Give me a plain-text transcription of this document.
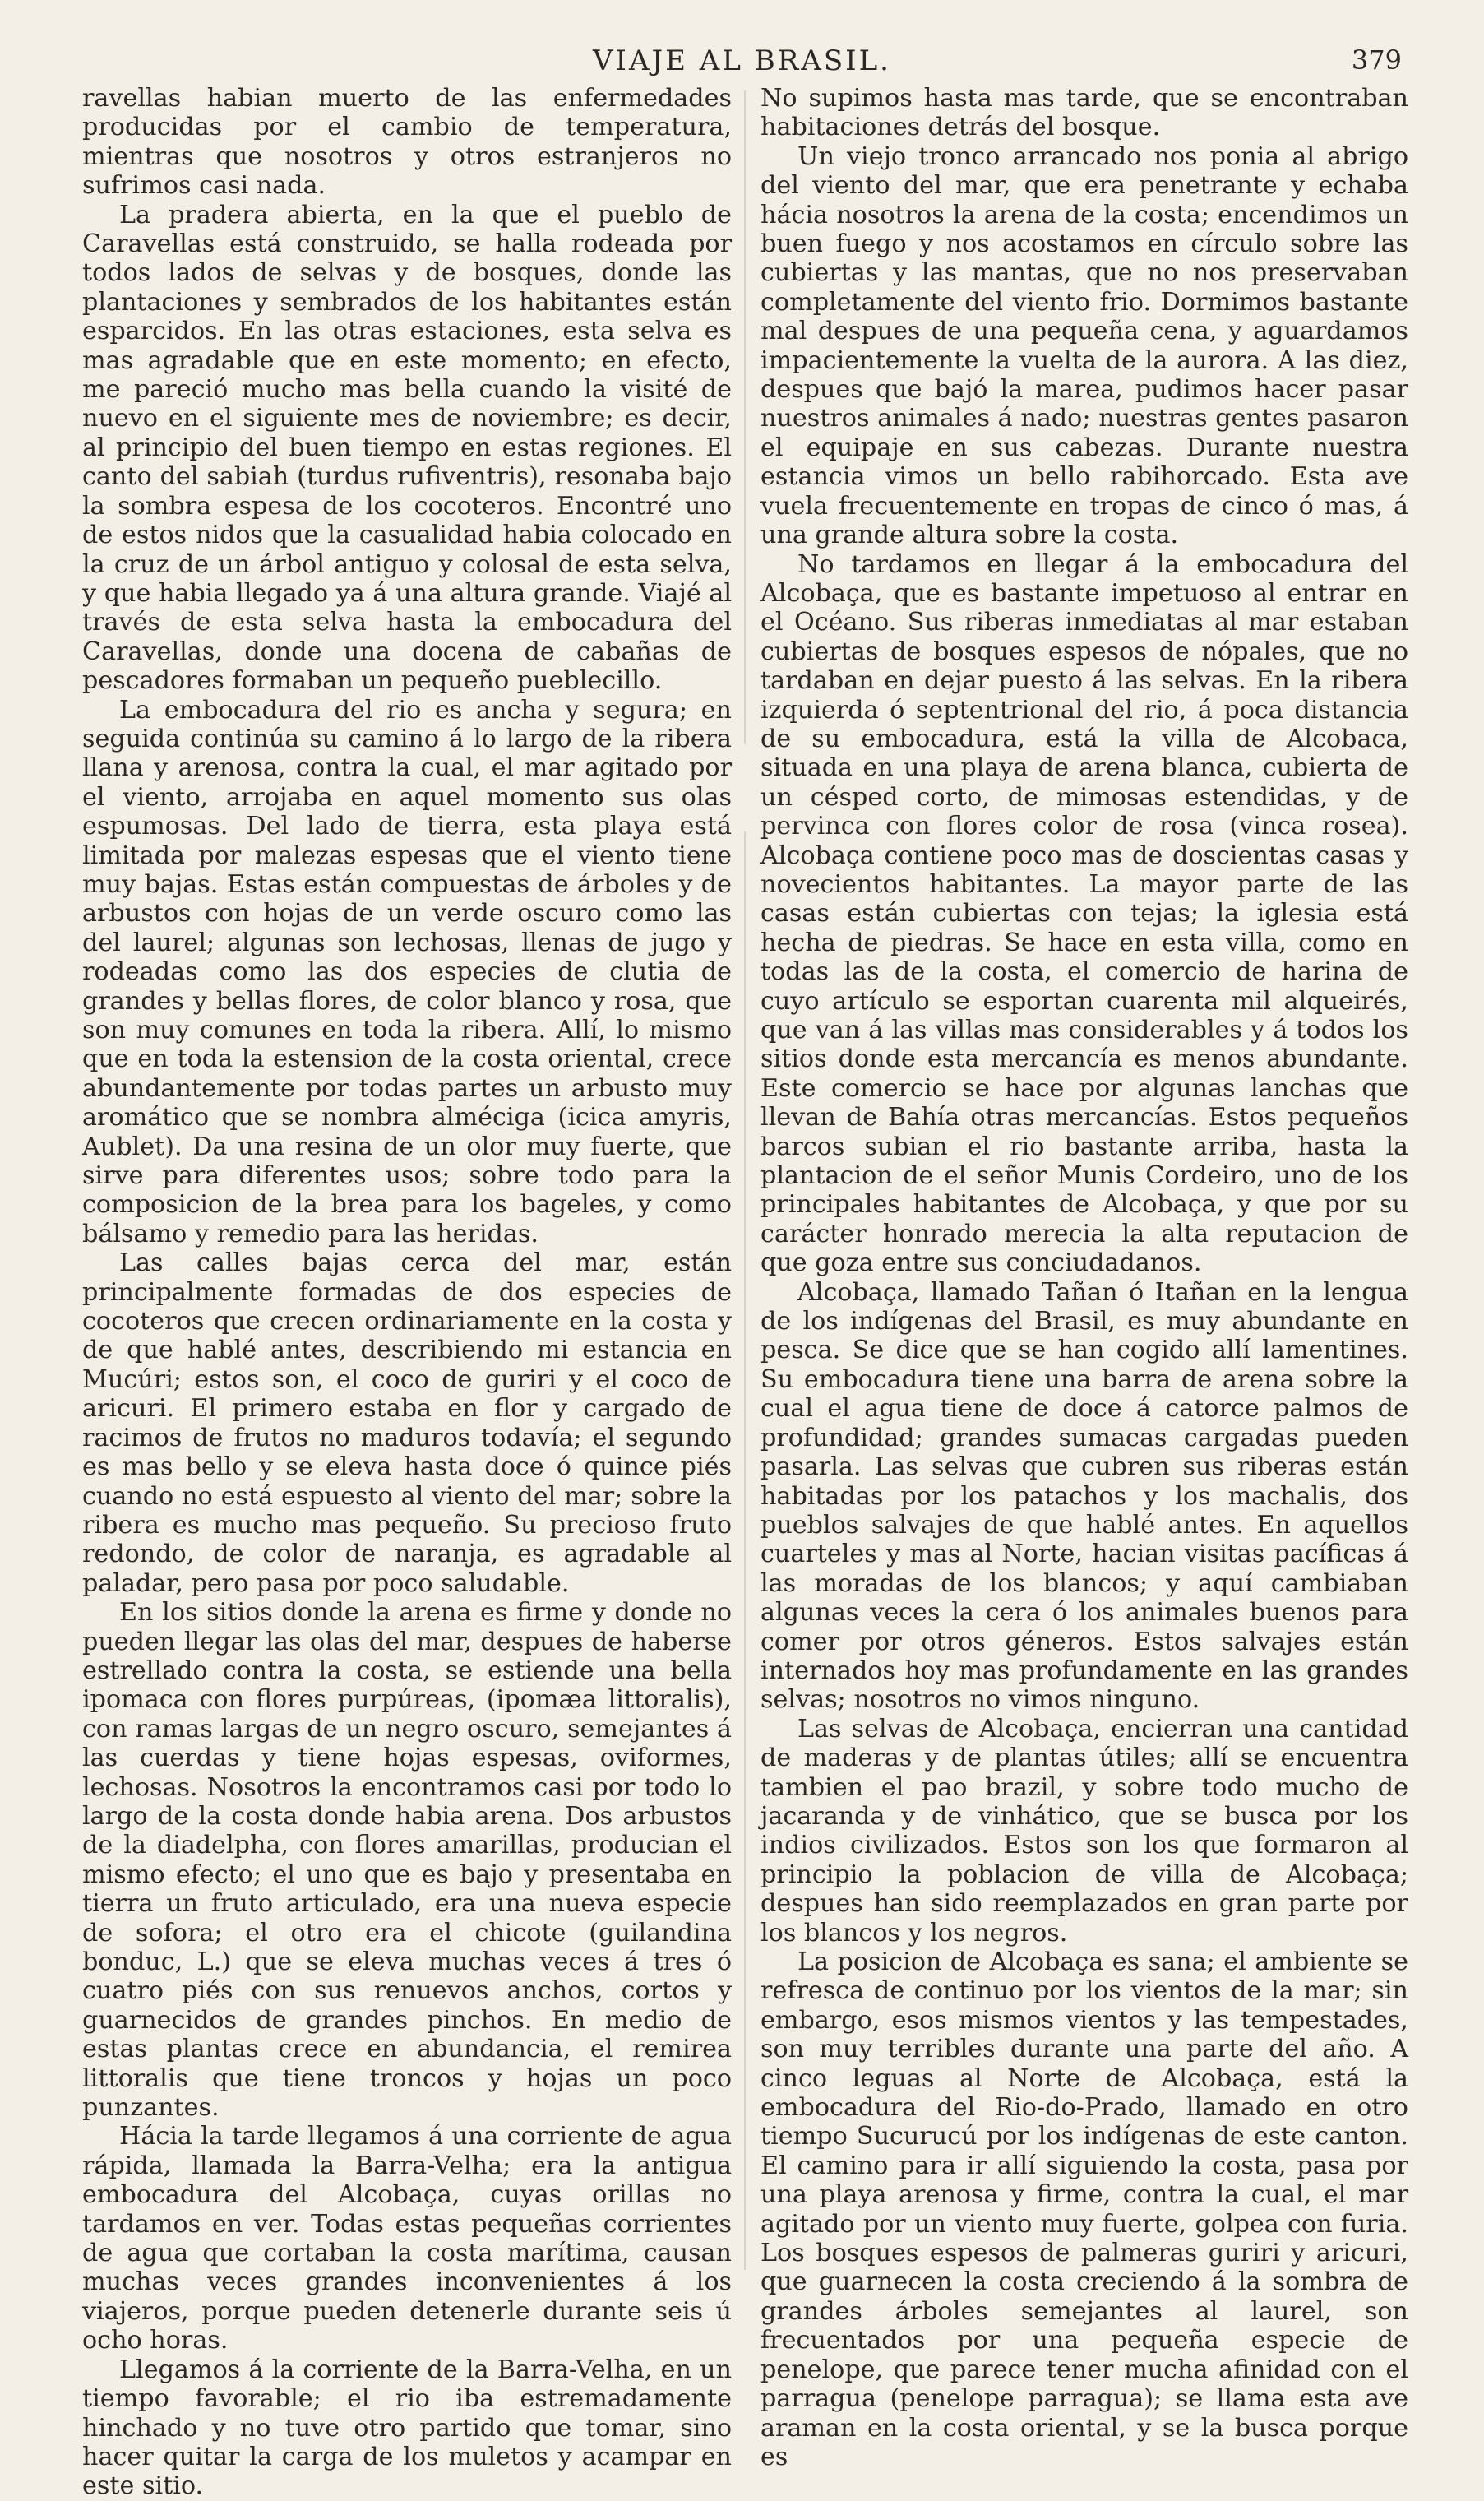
VIAJE AL BRASIL.	379

ravellas habian muerto de las enfermedades producidas por el cambio de temperatura, mientras que nosotros y otros estranjeros no sufrimos casi nada.

La pradera abierta, en la que el pueblo de Caravellas está construido, se halla rodeada por todos lados de selvas y de bosques, donde las plantaciones y sembrados de los habitantes están esparcidos. En las otras estaciones, esta selva es mas agradable que en este momento; en efecto, me pareció mucho mas bella cuando la visité de nuevo en el siguiente mes de noviembre; es decir, al principio del buen tiempo en estas regiones. El canto del sabiah (turdus rufiventris), resonaba bajo la sombra espesa de los cocoteros. Encontré uno de estos nidos que la casualidad habia colocado en la cruz de un árbol antiguo y colosal de esta selva, y que habia llegado ya á una altura grande. Viajé al través de esta selva hasta la embocadura del Caravellas, donde una docena de cabañas de pescadores formaban un pequeño pueblecillo.

La embocadura del rio es ancha y segura; en seguida continúa su camino á lo largo de la ribera llana y arenosa, contra la cual, el mar agitado por el viento, arrojaba en aquel momento sus olas espumosas. Del lado de tierra, esta playa está limitada por malezas espesas que el viento tiene muy bajas. Estas están compuestas de árboles y de arbustos con hojas de un verde oscuro como las del laurel; algunas son lechosas, llenas de jugo y rodeadas como las dos especies de clutia de grandes y bellas flores, de color blanco y rosa, que son muy comunes en toda la ribera. Allí, lo mismo que en toda la estension de la costa oriental, crece abundantemente por todas partes un arbusto muy aromático que se nombra alméciga (icica amyris, Aublet). Da una resina de un olor muy fuerte, que sirve para diferentes usos; sobre todo para la composicion de la brea para los bageles, y como bálsamo y remedio para las heridas.

Las calles bajas cerca del mar, están principalmente formadas de dos especies de cocoteros que crecen ordinariamente en la costa y de que hablé antes, describiendo mi estancia en Mucúri; estos son, el coco de guriri y el coco de aricuri. El primero estaba en flor y cargado de racimos de frutos no maduros todavía; el segundo es mas bello y se eleva hasta doce ó quince piés cuando no está espuesto al viento del mar; sobre la ribera es mucho mas pequeño. Su precioso fruto redondo, de color de naranja, es agradable al paladar, pero pasa por poco saludable.

En los sitios donde la arena es firme y donde no pueden llegar las olas del mar, despues de haberse estrellado contra la costa, se estiende una bella ipomaca con flores purpúreas, (ipomæa littoralis), con ramas largas de un negro oscuro, semejantes á las cuerdas y tiene hojas espesas, oviformes, lechosas. Nosotros la encontramos casi por todo lo largo de la costa donde habia arena. Dos arbustos de la diadelpha, con flores amarillas, producian el mismo efecto; el uno que es bajo y presentaba en tierra un fruto articulado, era una nueva especie de sofora; el otro era el chicote (guilandina bonduc, L.) que se eleva muchas veces á tres ó cuatro piés con sus renuevos anchos, cortos y guarnecidos de grandes pinchos. En medio de estas plantas crece en abundancia, el remirea littoralis que tiene troncos y hojas un poco punzantes.

Hácia la tarde llegamos á una corriente de agua rápida, llamada la Barra-Velha; era la antigua embocadura del Alcobaça, cuyas orillas no tardamos en ver. Todas estas pequeñas corrientes de agua que cortaban la costa marítima, causan muchas veces grandes inconvenientes á los viajeros, porque pueden detenerle durante seis ú ocho horas.

Llegamos á la corriente de la Barra-Velha, en un tiempo favorable; el rio iba estremadamente hinchado y no tuve otro partido que tomar, sino hacer quitar la carga de los muletos y acampar en este sitio.

No supimos hasta mas tarde, que se encontraban habitaciones detrás del bosque.

Un viejo tronco arrancado nos ponia al abrigo del viento del mar, que era penetrante y echaba hácia nosotros la arena de la costa; encendimos un buen fuego y nos acostamos en círculo sobre las cubiertas y las mantas, que no nos preservaban completamente del viento frio. Dormimos bastante mal despues de una pequeña cena, y aguardamos impacientemente la vuelta de la aurora. A las diez, despues que bajó la marea, pudimos hacer pasar nuestros animales á nado; nuestras gentes pasaron el equipaje en sus cabezas. Durante nuestra estancia vimos un bello rabihorcado. Esta ave vuela frecuentemente en tropas de cinco ó mas, á una grande altura sobre la costa.

No tardamos en llegar á la embocadura del Alcobaça, que es bastante impetuoso al entrar en el Océano. Sus riberas inmediatas al mar estaban cubiertas de bosques espesos de nópales, que no tardaban en dejar puesto á las selvas. En la ribera izquierda ó septentrional del rio, á poca distancia de su embocadura, está la villa de Alcobaca, situada en una playa de arena blanca, cubierta de un césped corto, de mimosas estendidas, y de pervinca con flores color de rosa (vinca rosea). Alcobaça contiene poco mas de doscientas casas y novecientos habitantes. La mayor parte de las casas están cubiertas con tejas; la iglesia está hecha de piedras. Se hace en esta villa, como en todas las de la costa, el comercio de harina de cuyo artículo se esportan cuarenta mil alqueirés, que van á las villas mas considerables y á todos los sitios donde esta mercancía es menos abundante. Este comercio se hace por algunas lanchas que llevan de Bahía otras mercancías. Estos pequeños barcos subian el rio bastante arriba, hasta la plantacion de el señor Munis Cordeiro, uno de los principales habitantes de Alcobaça, y que por su carácter honrado merecia la alta reputacion de que goza entre sus conciudadanos.

Alcobaça, llamado Tañan ó Itañan en la lengua de los indígenas del Brasil, es muy abundante en pesca. Se dice que se han cogido allí lamentines. Su embocadura tiene una barra de arena sobre la cual el agua tiene de doce á catorce palmos de profundidad; grandes sumacas cargadas pueden pasarla. Las selvas que cubren sus riberas están habitadas por los patachos y los machalis, dos pueblos salvajes de que hablé antes. En aquellos cuarteles y mas al Norte, hacian visitas pacíficas á las moradas de los blancos; y aquí cambiaban algunas veces la cera ó los animales buenos para comer por otros géneros. Estos salvajes están internados hoy mas profundamente en las grandes selvas; nosotros no vimos ninguno.

Las selvas de Alcobaça, encierran una cantidad de maderas y de plantas útiles; allí se encuentra tambien el pao brazil, y sobre todo mucho de jacaranda y de vinhático, que se busca por los indios civilizados. Estos son los que formaron al principio la poblacion de villa de Alcobaça; despues han sido reemplazados en gran parte por los blancos y los negros.

La posicion de Alcobaça es sana; el ambiente se refresca de continuo por los vientos de la mar; sin embargo, esos mismos vientos y las tempestades, son muy terribles durante una parte del año. A cinco leguas al Norte de Alcobaça, está la embocadura del Rio-do-Prado, llamado en otro tiempo Sucurucú por los indígenas de este canton. El camino para ir allí siguiendo la costa, pasa por una playa arenosa y firme, contra la cual, el mar agitado por un viento muy fuerte, golpea con furia. Los bosques espesos de palmeras guriri y aricuri, que guarnecen la costa creciendo á la sombra de grandes árboles semejantes al laurel, son frecuentados por una pequeña especie de penelope, que parece tener mucha afinidad con el parragua (penelope parragua); se llama esta ave araman en la costa oriental, y se la busca porque es
